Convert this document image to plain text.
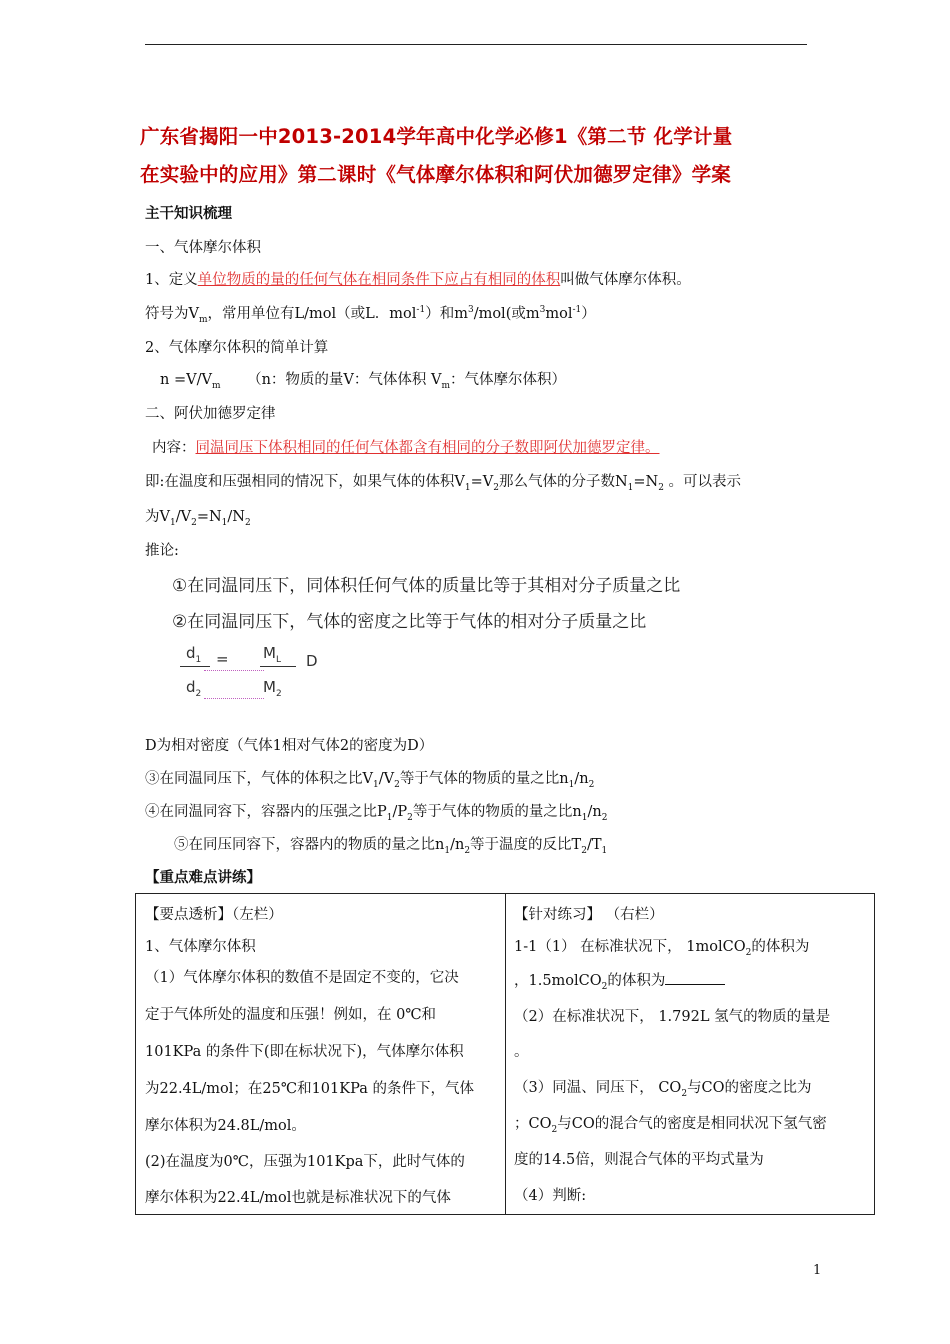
广东省揭阳一中2013-2014学年高中化学必修1《第二节 化学计量
在实验中的应用》第二课时《气体摩尔体积和阿伏加德罗定律》学案
主干知识梳理
一、气体摩尔体积
1、定义单位物质的量的任何气体在相同条件下应占有相同的体积叫做气体摩尔体积。
符号为$V_m$，常用单位有L/mol（或L．mol$^{-1}$）和$m^3/mol$(或$m^3mol^{-1}$）
2、气体摩尔体积的简单计算
$n =V/V_m$ （n：物质的量V：气体体积 $V_m$：气体摩尔体积）
二、阿伏加德罗定律
内容：同温同压下体积相同的任何气体都含有相同的分子数即阿伏加德罗定律。
即:在温度和压强相同的情况下，如果气体的体积$V_1=V_2$那么气体的分子数$N_1=N_2$ 。可以表示
为$V_1/V_2=N_1/N_2$
推论:
①在同温同压下，同体积任何气体的质量比等于其相对分子质量之比
②在同温同压下，气体的密度之比等于气体的相对分子质量之比
$d_1 = M_L$ D
$d_2$	$M_2$
D为相对密度（气体1相对气体2的密度为D）
③在同温同压下，气体的体积之比$V_1/V_2$等于气体的物质的量之比$n_1/n_2$
④在同温同容下，容器内的压强之比$P_1/P_2$等于气体的物质的量之比$n_1/n_2$
⑤在同压同容下，容器内的物质的量之比$n_1/n_2$等于温度的反比$T_2/T_1$
【重点难点讲练】
【要点透析】（左栏）
1、气体摩尔体积
（1）气体摩尔体积的数值不是固定不变的，它决
定于气体所处的温度和压强！例如，在 0℃和
101KPa 的条件下(即在标状况下)，气体摩尔体积
为22.4L/mol；在25℃和101KPa 的条件下，气体
摩尔体积为24.8L/mol。
(2)在温度为0℃，压强为101Kpa下，此时气体的
摩尔体积为22.4L/mol也就是标准状况下的气体
【针对练习】 （右栏）
1-1（1） 在标准状况下， 1molCO$_2$的体积为
，1.5molCO$_2$的体积为
（2）在标准状况下， 1.792L 氢气的物质的量是
。
（3）同温、同压下， $CO_2$与CO的密度之比为
；$CO_2$与CO的混合气的密度是相同状况下氢气密
度的14.5倍，则混合气体的平均式量为
（4）判断:
1
